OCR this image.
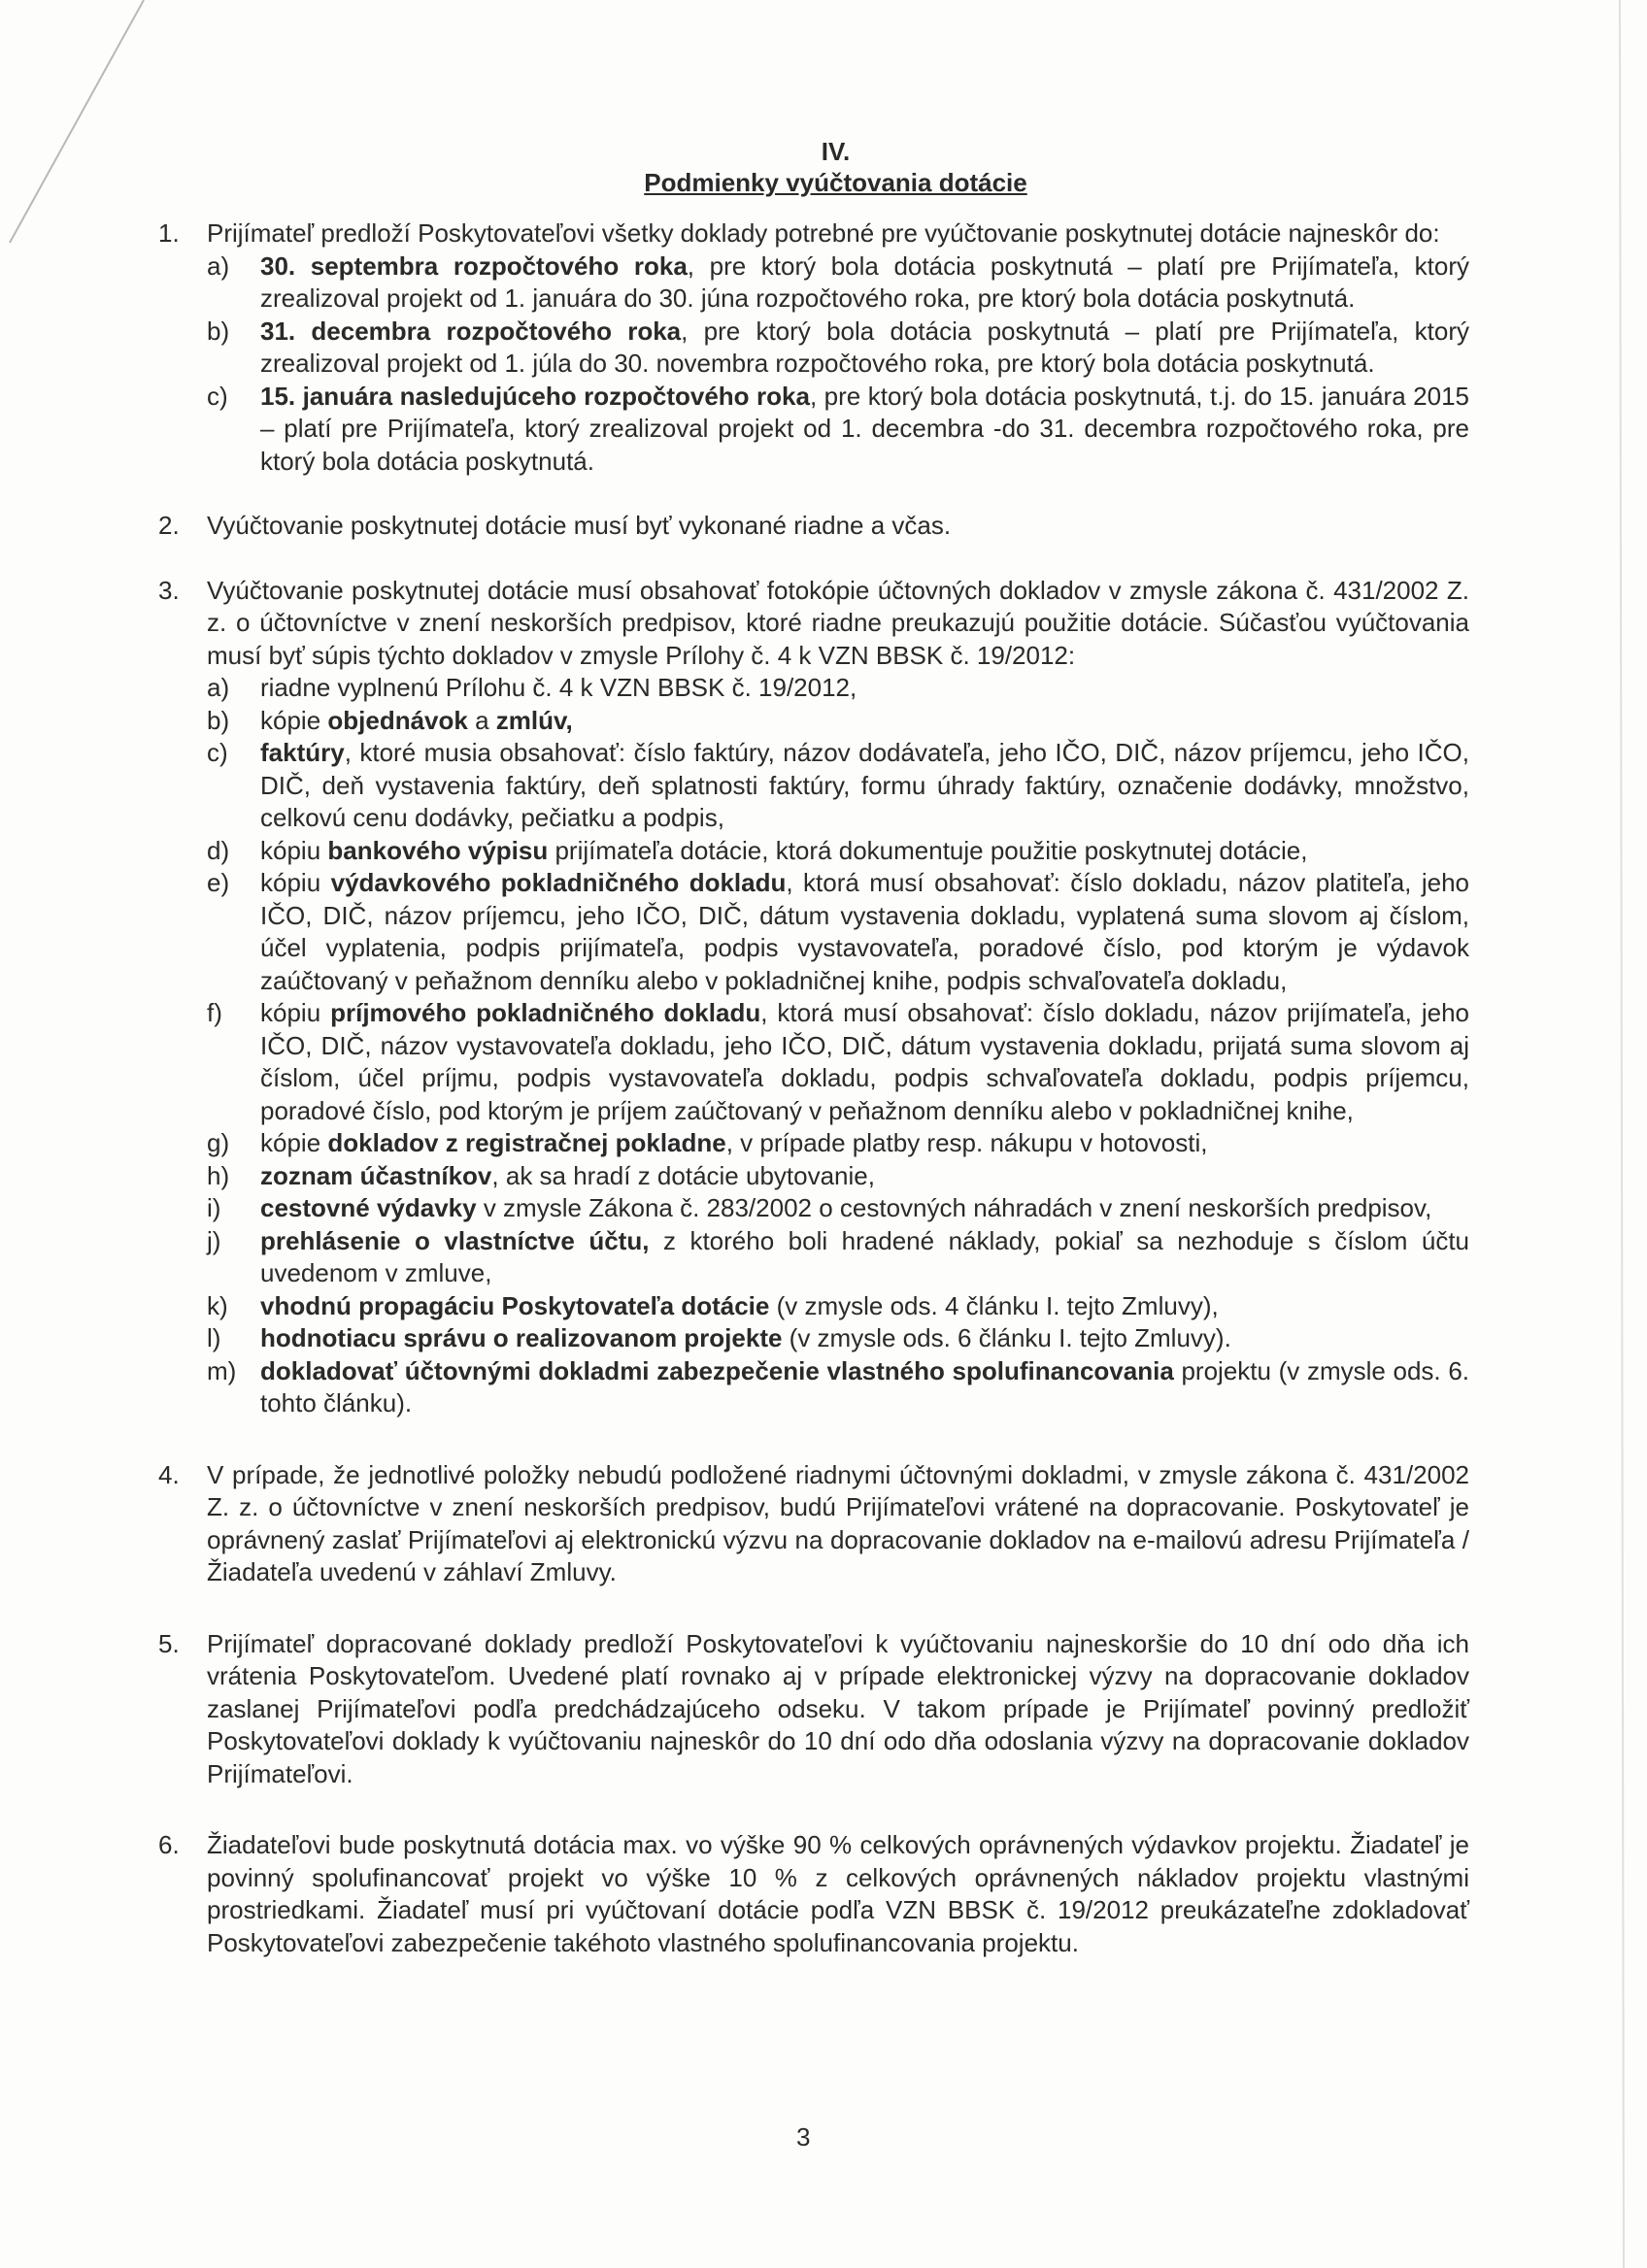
IV.
Podmienky vyúčtovania dotácie
1. Prijímateľ predloží Poskytovateľovi všetky doklady potrebné pre vyúčtovanie poskytnutej dotácie najneskôr do:
a) 30. septembra rozpočtového roka, pre ktorý bola dotácia poskytnutá – platí pre Prijímateľa, ktorý zrealizoval projekt od 1. januára do 30. júna rozpočtového roka, pre ktorý bola dotácia poskytnutá.
b) 31. decembra rozpočtového roka, pre ktorý bola dotácia poskytnutá – platí pre Prijímateľa, ktorý zrealizoval projekt od 1. júla do 30. novembra rozpočtového roka, pre ktorý bola dotácia poskytnutá.
c) 15. januára nasledujúceho rozpočtového roka, pre ktorý bola dotácia poskytnutá, t.j. do 15. januára 2015 – platí pre Prijímateľa, ktorý zrealizoval projekt od 1. decembra -do 31. decembra rozpočtového roka, pre ktorý bola dotácia poskytnutá.
2. Vyúčtovanie poskytnutej dotácie musí byť vykonané riadne a včas.
3. Vyúčtovanie poskytnutej dotácie musí obsahovať fotokópie účtovných dokladov v zmysle zákona č. 431/2002 Z. z. o účtovníctve v znení neskorších predpisov, ktoré riadne preukazujú použitie dotácie. Súčasťou vyúčtovania musí byť súpis týchto dokladov v zmysle Prílohy č. 4 k VZN BBSK č. 19/2012:
a) riadne vyplnenú Prílohu č. 4 k VZN BBSK č. 19/2012,
b) kópie objednávok a zmlúv,
c) faktúry, ktoré musia obsahovať: číslo faktúry, názov dodávateľa, jeho IČO, DIČ, názov príjemcu, jeho IČO, DIČ, deň vystavenia faktúry, deň splatnosti faktúry, formu úhrady faktúry, označenie dodávky, množstvo, celkovú cenu dodávky, pečiatku a podpis,
d) kópiu bankového výpisu prijímateľa dotácie, ktorá dokumentuje použitie poskytnutej dotácie,
e) kópiu výdavkového pokladničného dokladu, ktorá musí obsahovať: číslo dokladu, názov platiteľa, jeho IČO, DIČ, názov príjemcu, jeho IČO, DIČ, dátum vystavenia dokladu, vyplatená suma slovom aj číslom, účel vyplatenia, podpis prijímateľa, podpis vystavovateľa, poradové číslo, pod ktorým je výdavok zaúčtovaný v peňažnom denníku alebo v pokladničnej knihe, podpis schvaľovateľa dokladu,
f) kópiu príjmového pokladničného dokladu, ktorá musí obsahovať: číslo dokladu, názov prijímateľa, jeho IČO, DIČ, názov vystavovateľa dokladu, jeho IČO, DIČ, dátum vystavenia dokladu, prijatá suma slovom aj číslom, účel príjmu, podpis vystavovateľa dokladu, podpis schvaľovateľa dokladu, podpis príjemcu, poradové číslo, pod ktorým je príjem zaúčtovaný v peňažnom denníku alebo v pokladničnej knihe,
g) kópie dokladov z registračnej pokladne, v prípade platby resp. nákupu v hotovosti,
h) zoznam účastníkov, ak sa hradí z dotácie ubytovanie,
i) cestovné výdavky v zmysle Zákona č. 283/2002 o cestovných náhradách v znení neskorších predpisov,
j) prehlásenie o vlastníctve účtu, z ktorého boli hradené náklady, pokiaľ sa nezhoduje s číslom účtu uvedenom v zmluve,
k) vhodnú propagáciu Poskytovateľa dotácie (v zmysle ods. 4 článku I. tejto Zmluvy),
l) hodnotiacu správu o realizovanom projekte (v zmysle ods. 6 článku I. tejto Zmluvy).
m) dokladovať účtovnými dokladmi zabezpečenie vlastného spolufinancovania projektu (v zmysle ods. 6. tohto článku).
4. V prípade, že jednotlivé položky nebudú podložené riadnymi účtovnými dokladmi, v zmysle zákona č. 431/2002 Z. z. o účtovníctve v znení neskorších predpisov, budú Prijímateľovi vrátené na dopracovanie. Poskytovateľ je oprávnený zaslať Prijímateľovi aj elektronickú výzvu na dopracovanie dokladov na e-mailovú adresu Prijímateľa / Žiadateľa uvedenú v záhlaví Zmluvy.
5. Prijímateľ dopracované doklady predloží Poskytovateľovi k vyúčtovaniu najneskoršie do 10 dní odo dňa ich vrátenia Poskytovateľom. Uvedené platí rovnako aj v prípade elektronickej výzvy na dopracovanie dokladov zaslanej Prijímateľovi podľa predchádzajúceho odseku. V takom prípade je Prijímateľ povinný predložiť Poskytovateľovi doklady k vyúčtovaniu najneskôr do 10 dní odo dňa odoslania výzvy na dopracovanie dokladov Prijímateľovi.
6. Žiadateľovi bude poskytnutá dotácia max. vo výške 90 % celkových oprávnených výdavkov projektu. Žiadateľ je povinný spolufinancovať projekt vo výške 10 % z celkových oprávnených nákladov projektu vlastnými prostriedkami. Žiadateľ musí pri vyúčtovaní dotácie podľa VZN BBSK č. 19/2012 preukázateľne zdokladovať Poskytovateľovi zabezpečenie takéhoto vlastného spolufinancovania projektu.
3
